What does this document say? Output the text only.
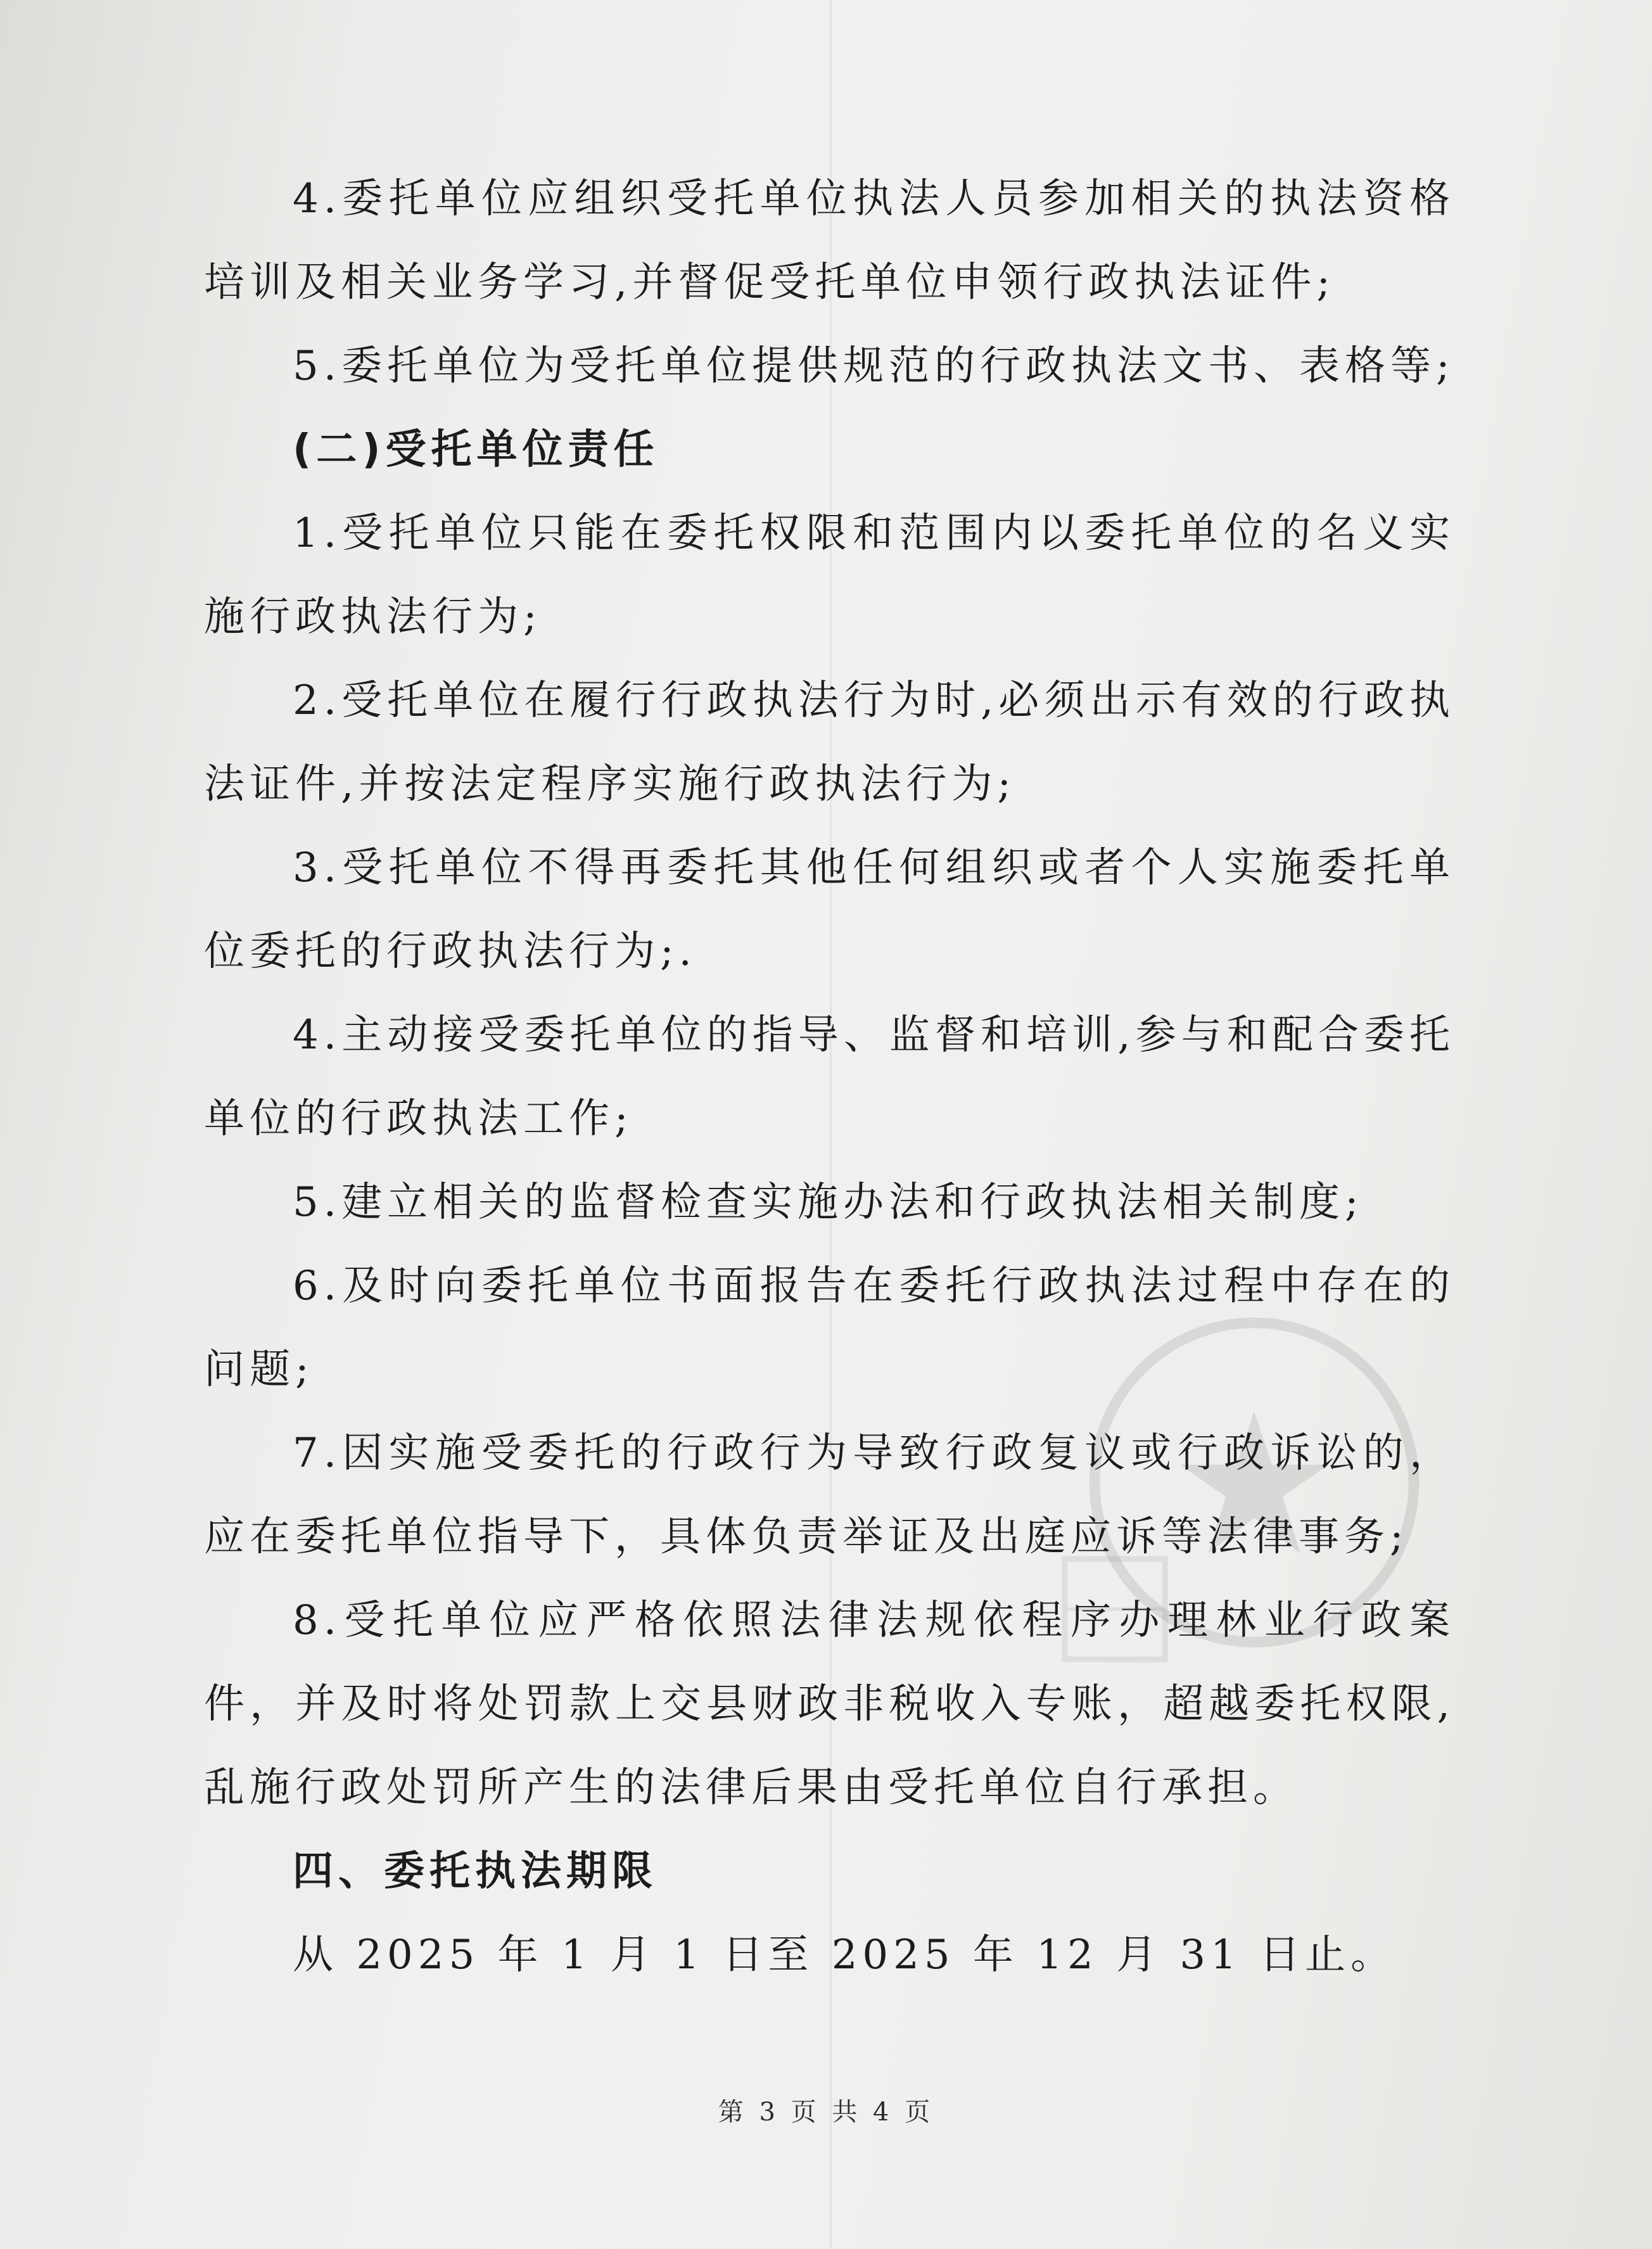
4.委托单位应组织受托单位执法人员参加相关的执法资格培训及相关业务学习,并督促受托单位申领行政执法证件;

5.委托单位为受托单位提供规范的行政执法文书、表格等;

(二)受托单位责任

1.受托单位只能在委托权限和范围内以委托单位的名义实施行政执法行为;

2.受托单位在履行行政执法行为时,必须出示有效的行政执法证件,并按法定程序实施行政执法行为;

3.受托单位不得再委托其他任何组织或者个人实施委托单位委托的行政执法行为;.

4.主动接受委托单位的指导、监督和培训,参与和配合委托单位的行政执法工作;

5.建立相关的监督检查实施办法和行政执法相关制度;

6.及时向委托单位书面报告在委托行政执法过程中存在的问题;

7.因实施受委托的行政行为导致行政复议或行政诉讼的，应在委托单位指导下，具体负责举证及出庭应诉等法律事务;

8.受托单位应严格依照法律法规依程序办理林业行政案件，并及时将处罚款上交县财政非税收入专账，超越委托权限,乱施行政处罚所产生的法律后果由受托单位自行承担。

四、委托执法期限

从 2025 年 1 月 1 日至 2025 年 12 月 31 日止。

第 3 页 共 4 页
